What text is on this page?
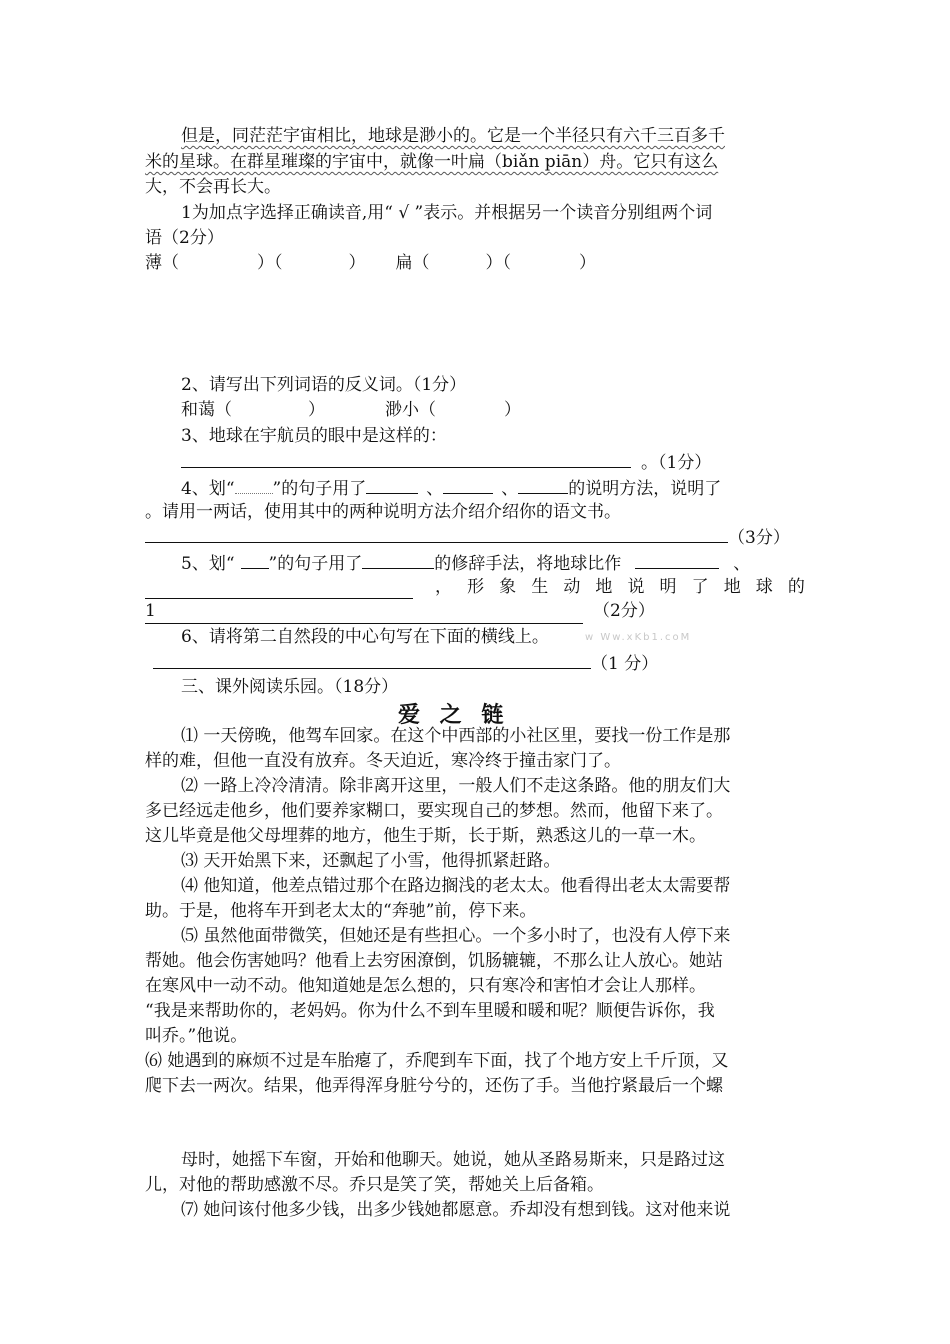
但是，同茫茫宇宙相比，地球是渺小的。它是一个半径只有六千三百多千
米的星球。在群星璀璨的宇宙中，就像一叶扁（biǎn piān）舟。它只有这么
大，不会再长大。
1为加点字选择正确读音,用“ √ ”表示。并根据另一个读音分别组两个词
语（2分）
薄（	）（	） 扁（	）（	）
2、请写出下列词语的反义词。（1分）
和蔼（	）	渺小（	）
3、地球在宇航员的眼中是这样的：
。（1分）
4、划“ ”的句子用了	、	、	的说明方法，说明了
。请用一两话，使用其中的两种说明方法介绍介绍你的语文书。
（3分）
5、划“ ”的句子用了	的修辞手法，将地球比作	、
， 形 象 生 动 地 说 明 了 地 球 的
1	（2分）
6、请将第二自然段的中心句写在下面的横线上。	w Ww.xKb1.coM
（1 分）
三、课外阅读乐园。（18分）
爱 之 链
⑴ 一天傍晚，他驾车回家。在这个中西部的小社区里，要找一份工作是那
样的难，但他一直没有放弃。冬天迫近，寒冷终于撞击家门了。
⑵ 一路上冷冷清清。除非离开这里，一般人们不走这条路。他的朋友们大
多已经远走他乡，他们要养家糊口，要实现自己的梦想。然而，他留下来了。
这儿毕竟是他父母埋葬的地方，他生于斯，长于斯，熟悉这儿的一草一木。
⑶ 天开始黑下来，还飘起了小雪，他得抓紧赶路。
⑷ 他知道，他差点错过那个在路边搁浅的老太太。他看得出老太太需要帮
助。于是，他将车开到老太太的“奔驰”前，停下来。
⑸ 虽然他面带微笑，但她还是有些担心。一个多小时了，也没有人停下来
帮她。他会伤害她吗？他看上去穷困潦倒，饥肠辘辘，不那么让人放心。她站
在寒风中一动不动。他知道她是怎么想的，只有寒冷和害怕才会让人那样。
“我是来帮助你的，老妈妈。你为什么不到车里暖和暖和呢？顺便告诉你，我
叫乔。”他说。
⑹ 她遇到的麻烦不过是车胎瘪了，乔爬到车下面，找了个地方安上千斤顶，又
爬下去一两次。结果，他弄得浑身脏兮兮的，还伤了手。当他拧紧最后一个螺
母时，她摇下车窗，开始和他聊天。她说，她从圣路易斯来，只是路过这
儿，对他的帮助感激不尽。乔只是笑了笑，帮她关上后备箱。
⑺ 她问该付他多少钱，出多少钱她都愿意。乔却没有想到钱。这对他来说
